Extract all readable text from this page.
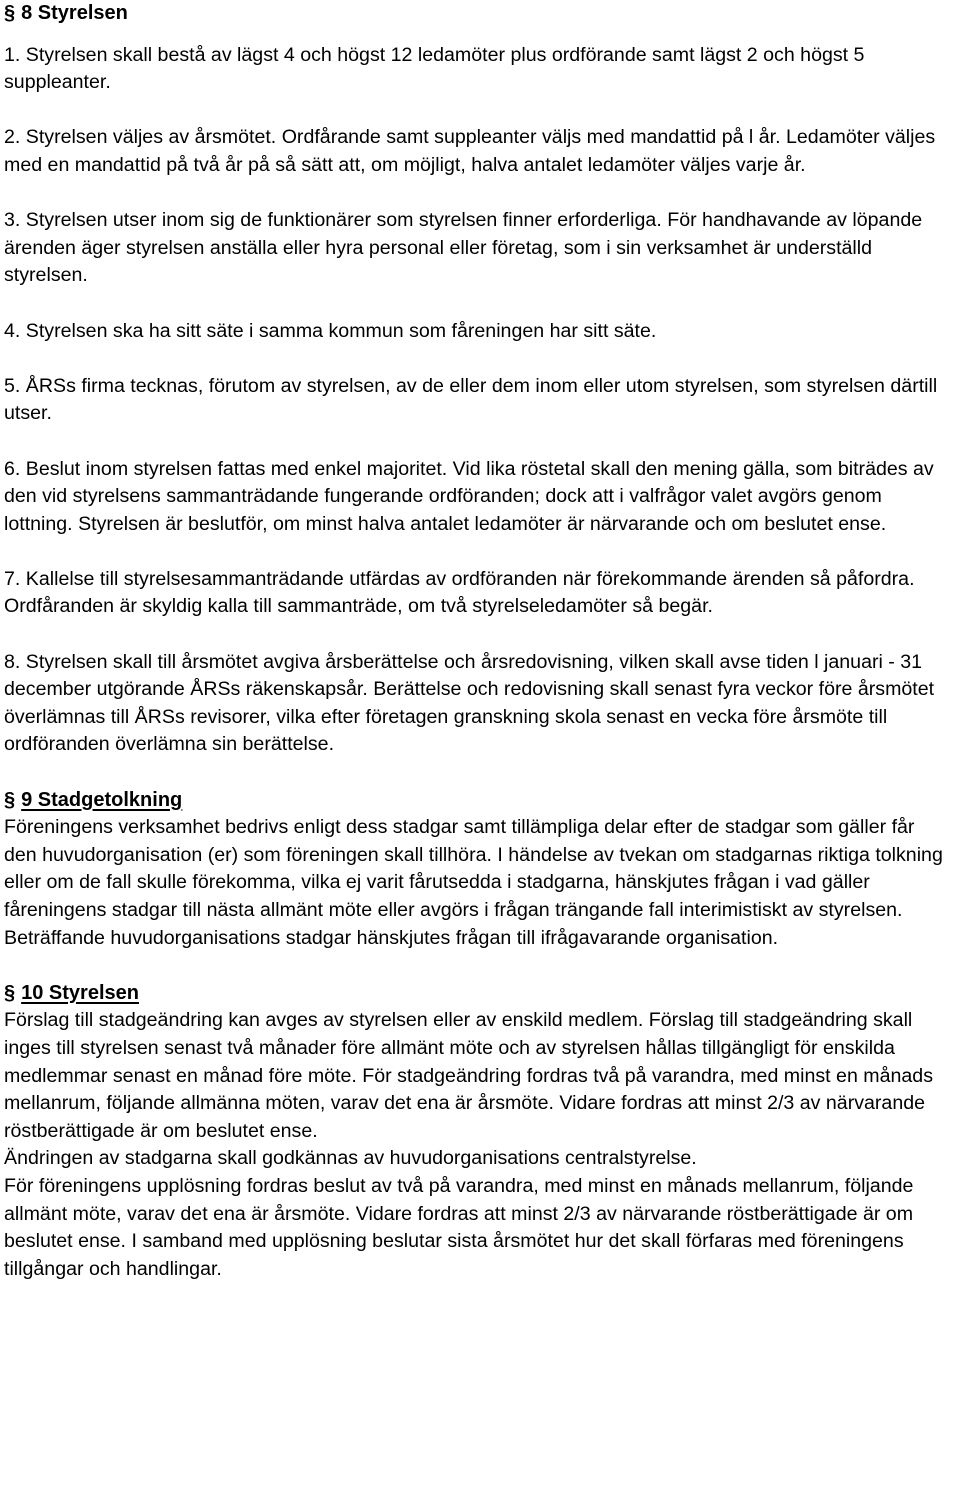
§ 8 Styrelsen

1. Styrelsen skall bestå av lägst 4 och högst 12 ledamöter plus ordförande samt lägst 2 och högst 5 suppleanter.

2. Styrelsen väljes av årsmötet. Ordfårande samt suppleanter väljs med mandattid på l år. Ledamöter väljes med en mandattid på två år på så sätt att, om möjligt, halva antalet ledamöter väljes varje år.

3. Styrelsen utser inom sig de funktionärer som styrelsen finner erforderliga. För handhavande av löpande ärenden äger styrelsen anställa eller hyra personal eller företag, som i sin verksamhet är underställd styrelsen.

4. Styrelsen ska ha sitt säte i samma kommun som fåreningen har sitt säte.

5. ÅRSs firma tecknas, förutom av styrelsen, av de eller dem inom eller utom styrelsen, som styrelsen därtill utser.

6. Beslut inom styrelsen fattas med enkel majoritet. Vid lika röstetal skall den mening gälla, som biträdes av den vid styrelsens sammanträdande fungerande ordföranden; dock att i valfrågor valet avgörs genom lottning. Styrelsen är beslutför, om minst halva antalet ledamöter är närvarande och om beslutet ense.

7. Kallelse till styrelsesammanträdande utfärdas av ordföranden när förekommande ärenden så påfordra. Ordfåranden är skyldig kalla till sammanträde, om två styrelseledamöter så begär.

8. Styrelsen skall till årsmötet avgiva årsberättelse och årsredovisning, vilken skall avse tiden l januari - 31 december utgörande ÅRSs räkenskapsår. Berättelse och redovisning skall senast fyra veckor före årsmötet överlämnas till ÅRSs revisorer, vilka efter företagen granskning skola senast en vecka före årsmöte till ordföranden överlämna sin berättelse.

§ 9 Stadgetolkning

Föreningens verksamhet bedrivs enligt dess stadgar samt tillämpliga delar efter de stadgar som gäller får den huvudorganisation (er) som föreningen skall tillhöra. I händelse av tvekan om stadgarnas riktiga tolkning eller om de fall skulle förekomma, vilka ej varit fårutsedda i stadgarna, hänskjutes frågan i vad gäller fåreningens stadgar till nästa allmänt möte eller avgörs i frågan trängande fall interimistiskt av styrelsen. Beträffande huvudorganisations stadgar hänskjutes frågan till ifrågavarande organisation.

§ 10 Styrelsen

Förslag till stadgeändring kan avges av styrelsen eller av enskild medlem. Förslag till stadgeändring skall inges till styrelsen senast två månader före allmänt möte och av styrelsen hållas tillgängligt för enskilda medlemmar senast en månad före möte. För stadgeändring fordras två på varandra, med minst en månads mellanrum, följande allmänna möten, varav det ena är årsmöte. Vidare fordras att minst 2/3 av närvarande röstberättigade är om beslutet ense.

Ändringen av stadgarna skall godkännas av huvudorganisations centralstyrelse.

För föreningens upplösning fordras beslut av två på varandra, med minst en månads mellanrum, följande allmänt möte, varav det ena är årsmöte. Vidare fordras att minst 2/3 av närvarande röstberättigade är om beslutet ense. I samband med upplösning beslutar sista årsmötet hur det skall förfaras med föreningens tillgångar och handlingar.
